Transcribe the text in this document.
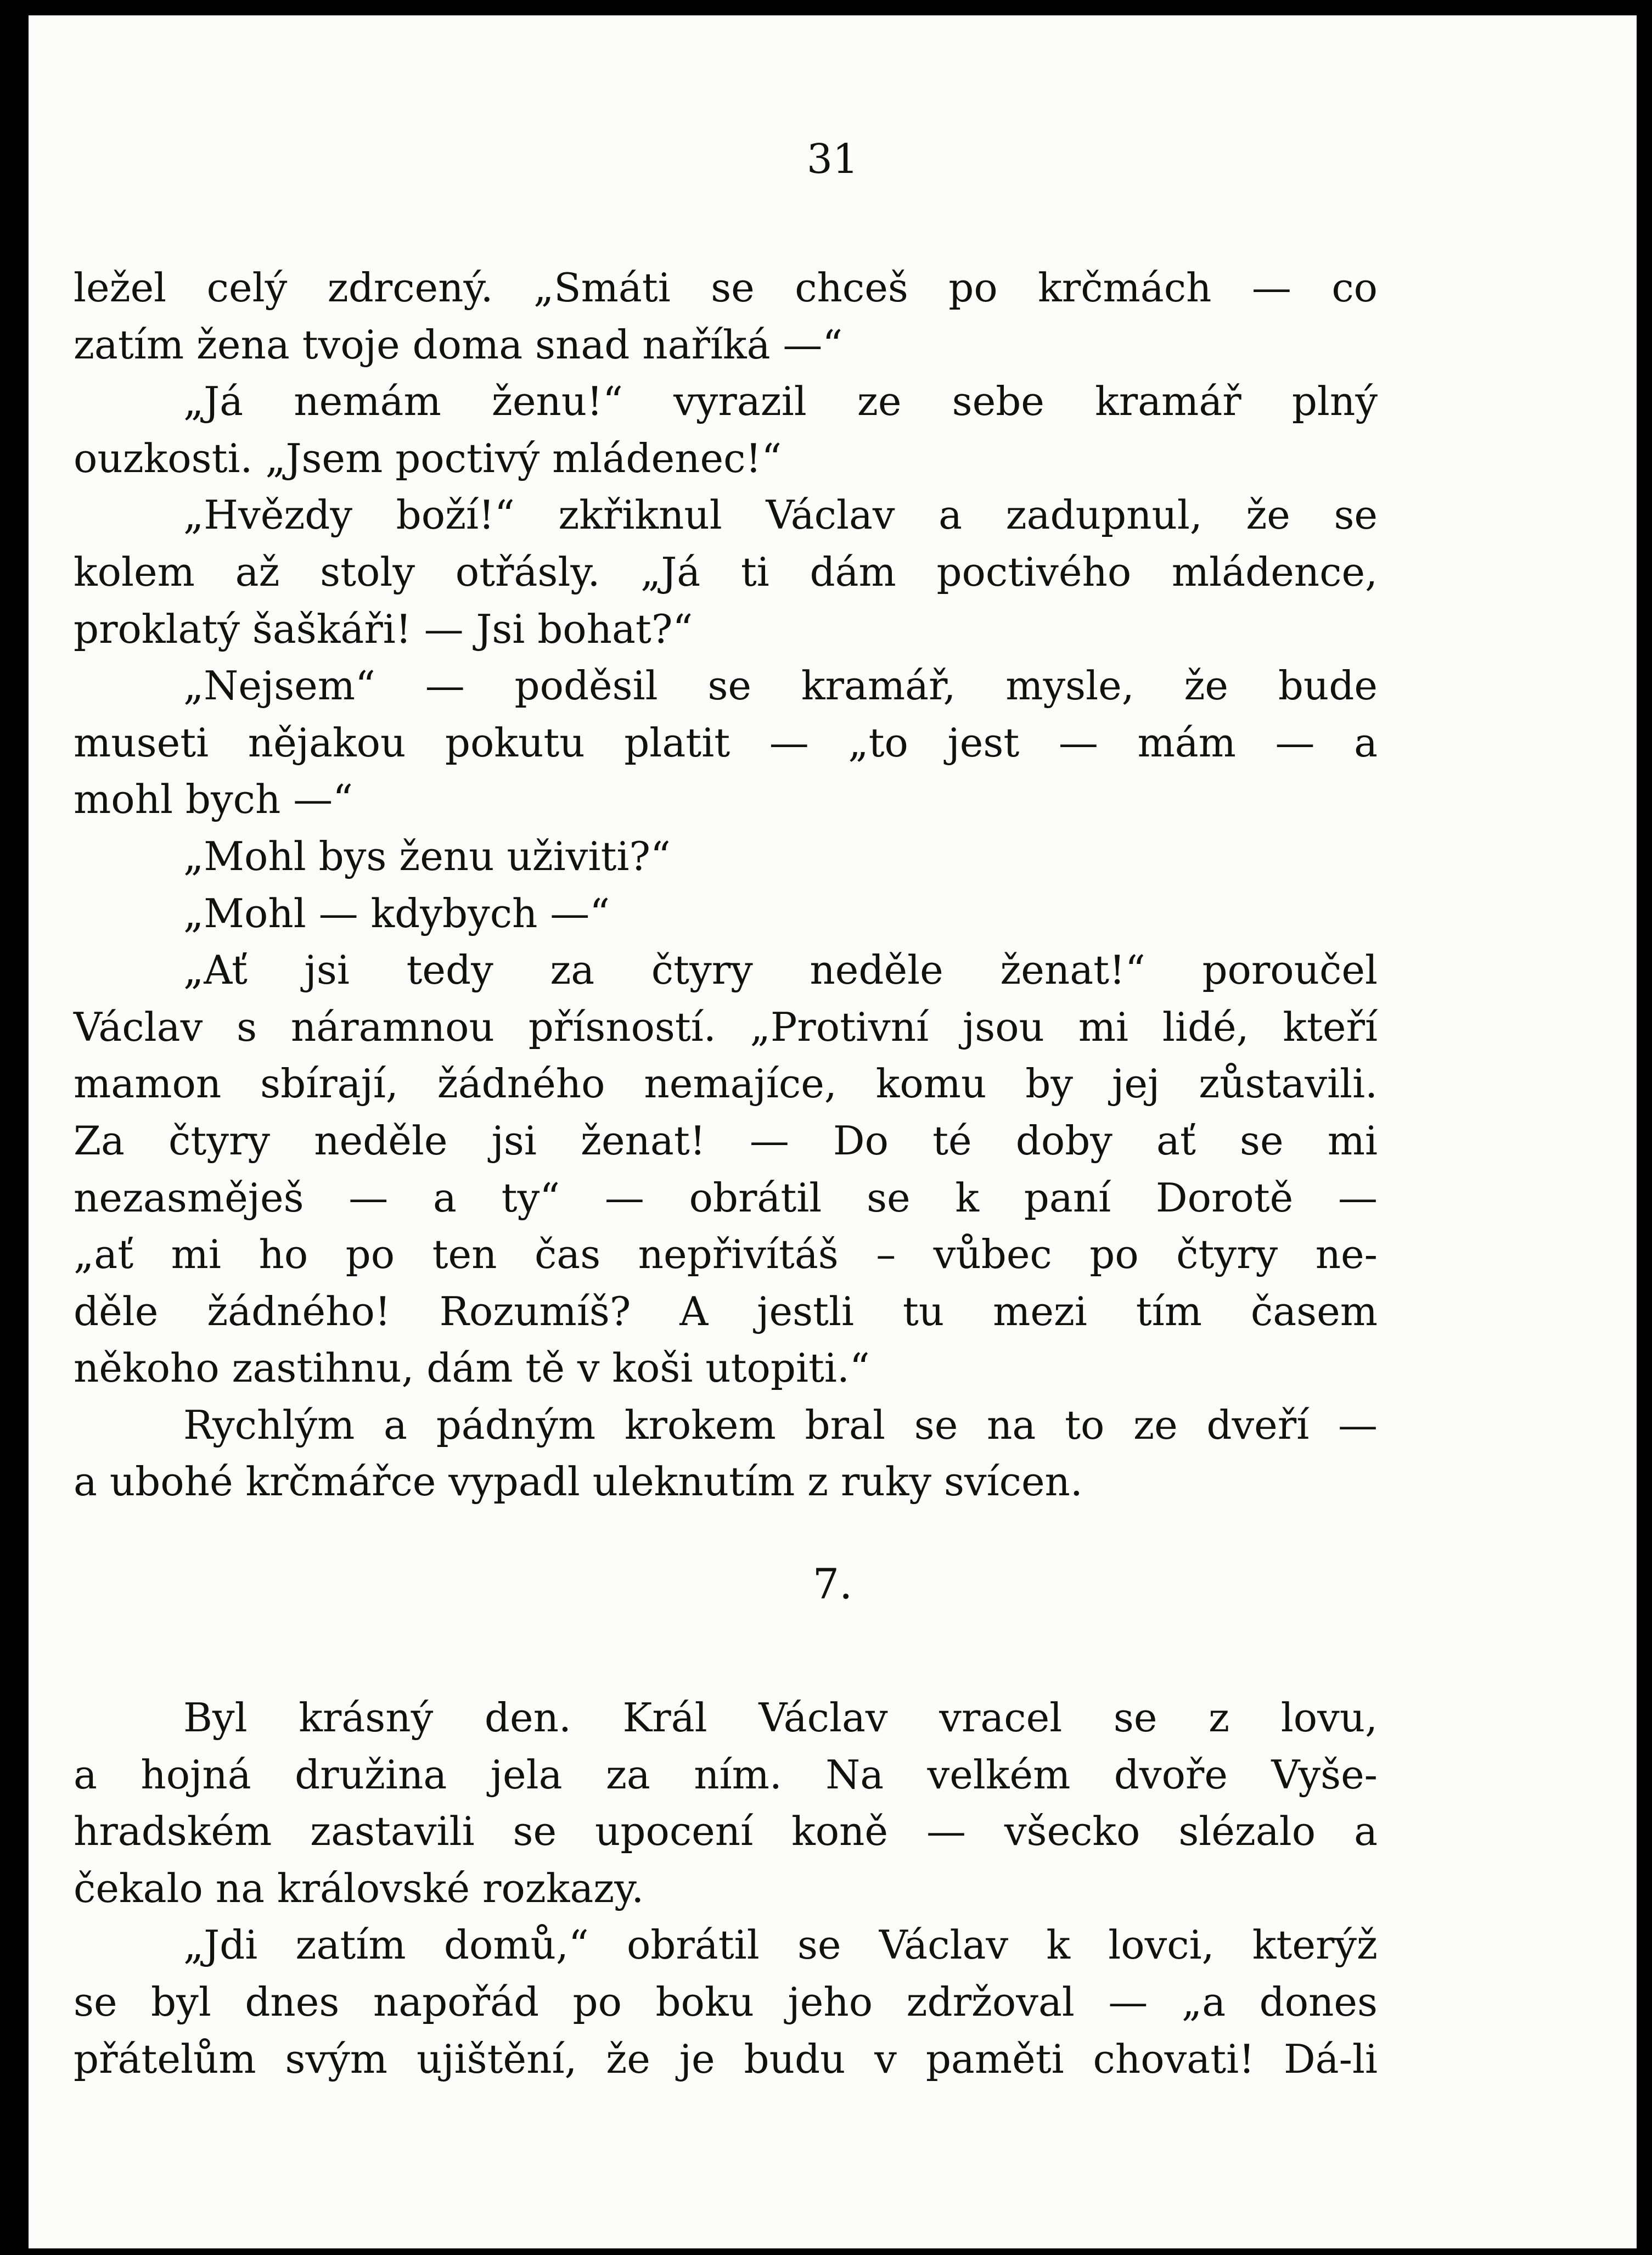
31
ležel celý zdrcený. „Smáti se chceš po krčmách — co
zatím žena tvoje doma snad naříká —“
„Já nemám ženu!“ vyrazil ze sebe kramář plný
ouzkosti. „Jsem poctivý mládenec!“
„Hvězdy boží!“ zkřiknul Václav a zadupnul, že se
kolem až stoly otřásly. „Já ti dám poctivého mládence,
proklatý šaškáři! — Jsi bohat?“
„Nejsem“ — poděsil se kramář, mysle, že bude
museti nějakou pokutu platit — „to jest — mám — a
mohl bych —“
„Mohl bys ženu uživiti?“
„Mohl — kdybych —“
„Ať jsi tedy za čtyry neděle ženat!“ poroučel
Václav s náramnou přísností. „Protivní jsou mi lidé, kteří
mamon sbírají, žádného nemajíce, komu by jej zůstavili.
Za čtyry neděle jsi ženat! — Do té doby ať se mi
nezasměješ — a ty“ — obrátil se k paní Dorotě —
„ať mi ho po ten čas nepřivítáš – vůbec po čtyry ne-
děle žádného! Rozumíš? A jestli tu mezi tím časem
někoho zastihnu, dám tě v koši utopiti.“
Rychlým a pádným krokem bral se na to ze dveří —
a ubohé krčmářce vypadl uleknutím z ruky svícen.
7.
Byl krásný den. Král Václav vracel se z lovu,
a hojná družina jela za ním. Na velkém dvoře Vyše-
hradském zastavili se upocení koně — všecko slézalo a
čekalo na královské rozkazy.
„Jdi zatím domů,“ obrátil se Václav k lovci, kterýž
se byl dnes napořád po boku jeho zdržoval — „a dones
přátelům svým ujištění, že je budu v paměti chovati! Dá-li
